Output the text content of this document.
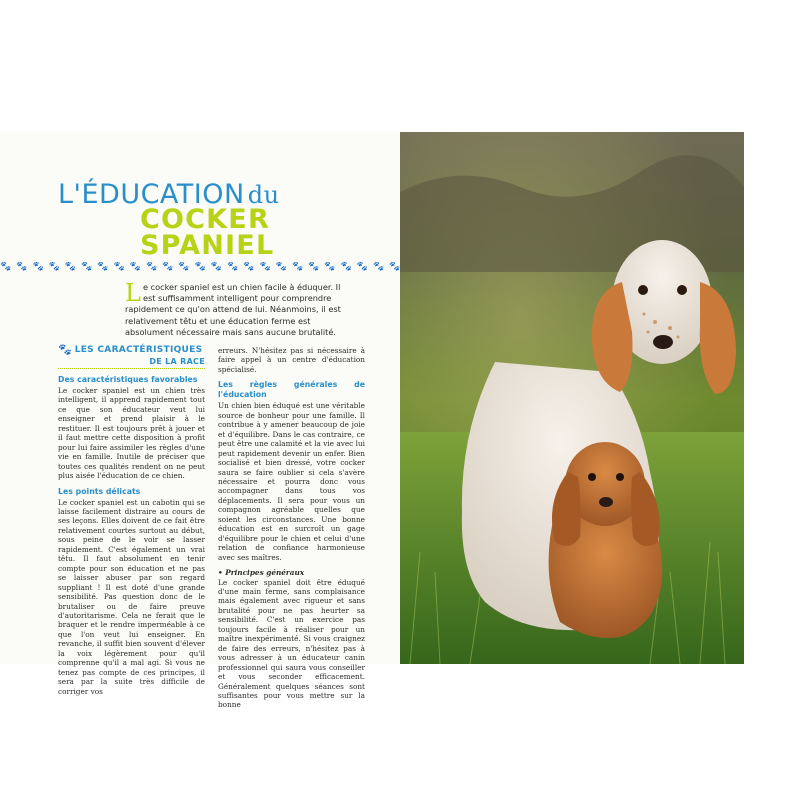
L'ÉDUCATION du
COCKER
SPANIEL
🐾 🐾 🐾 🐾 🐾 🐾 🐾 🐾 🐾 🐾 🐾 🐾 🐾 🐾 🐾 🐾 🐾 🐾 🐾 🐾 🐾 🐾 🐾 🐾 🐾
Le cocker spaniel est un chien facile à éduquer. Il est suffisamment intelligent pour comprendre rapidement ce qu'on attend de lui. Néanmoins, il est relativement têtu et une éducation ferme est absolument nécessaire mais sans aucune brutalité.
🐾 LES CARACTÉRISTIQUES
DE LA RACE
Des caractéristiques favorables

Le cocker spaniel est un chien très intelligent, il apprend rapidement tout ce que son éducateur veut lui enseigner et prend plaisir à le restituer. Il est toujours prêt à jouer et il faut mettre cette disposition à profit pour lui faire assimiler les règles d'une vie en famille. Inutile de préciser que toutes ces qualités rendent on ne peut plus aisée l'éducation de ce chien.

Les points délicats

Le cocker spaniel est un cabotin qui se laisse facilement distraire au cours de ses leçons. Elles doivent de ce fait être relativement courtes surtout au début, sous peine de le voir se lasser rapidement. C'est également un vrai têtu. Il faut absolument en tenir compte pour son éducation et ne pas se laisser abuser par son regard suppliant ! Il est doté d'une grande sensibilité. Pas question donc de le brutaliser ou de faire preuve d'autoritarisme. Cela ne ferait que le braquer et le rendre imperméable à ce que l'on veut lui enseigner. En revanche, il suffit bien souvent d'élever la voix légèrement pour qu'il comprenne qu'il a mal agi. Si vous ne tenez pas compte de ces principes, il sera par la suite très difficile de corriger vos

erreurs. N'hésitez pas si nécessaire à faire appel à un centre d'éducation spécialisé.

Les règles générales de l'éducation

Un chien bien éduqué est une véritable source de bonheur pour une famille. Il contribue à y amener beaucoup de joie et d'équilibre. Dans le cas contraire, ce peut être une calamité et la vie avec lui peut rapidement devenir un enfer. Bien socialisé et bien dressé, votre cocker saura se faire oublier si cela s'avère nécessaire et pourra donc vous accompagner dans tous vos déplacements. Il sera pour vous un compagnon agréable quelles que soient les circonstances. Une bonne éducation est en surcroît un gage d'équilibre pour le chien et celui d'une relation de confiance harmonieuse avec ses maîtres.

• Principes généraux

Le cocker spaniel doit être éduqué d'une main ferme, sans complaisance mais également avec rigueur et sans brutalité pour ne pas heurter sa sensibilité. C'est un exercice pas toujours facile à réaliser pour un maître inexpérimenté. Si vous craignez de faire des erreurs, n'hésitez pas à vous adresser à un éducateur canin professionnel qui saura vous conseiller et vous seconder efficacement. Généralement quelques séances sont suffisantes pour vous mettre sur la bonne
